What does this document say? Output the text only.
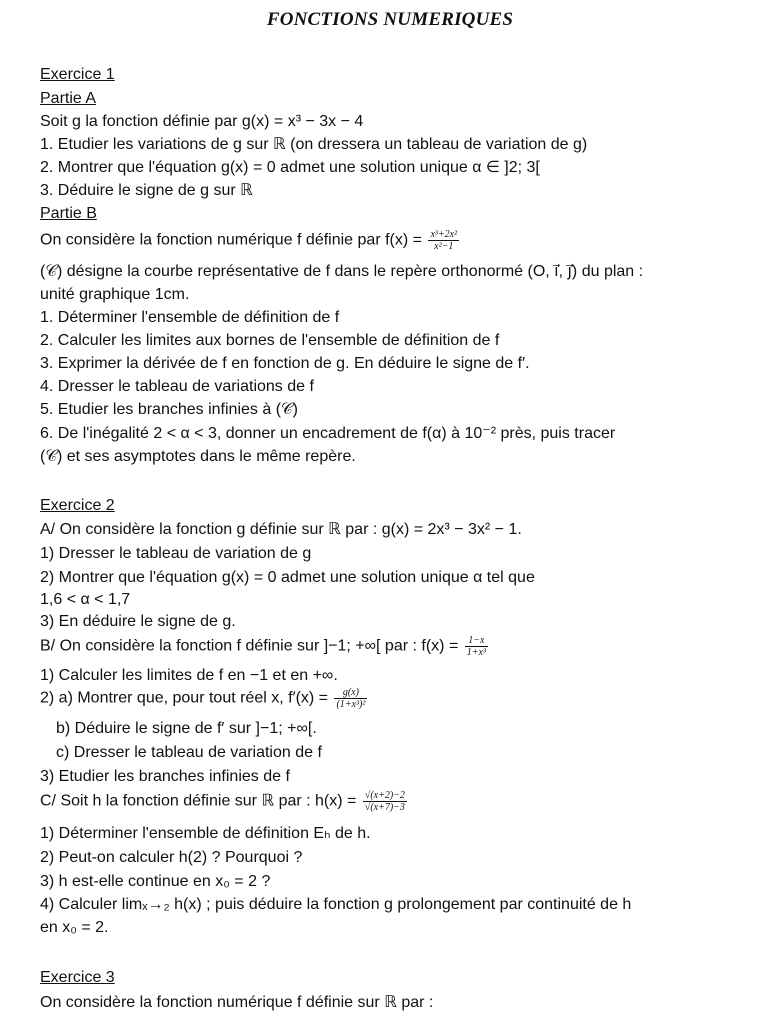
FONCTIONS NUMERIQUES
Exercice 1
Partie A
Soit g la fonction définie par g(x) = x³ − 3x − 4
1. Etudier les variations de g sur ℝ (on dressera un tableau de variation de g)
2. Montrer que l'équation g(x) = 0 admet une solution unique α ∈ ]2; 3[
3. Déduire le signe de g sur ℝ
Partie B
On considère la fonction numérique f définie par $f(x) = \frac{\text{x³+2x²}}{\text{x²−1}}$
(𝒞) désigne la courbe représentative de f dans le repère orthonormé (O, i⃗, j⃗) du plan :
unité graphique 1cm.
1. Déterminer l'ensemble de définition de f
2. Calculer les limites aux bornes de l'ensemble de définition de f
3. Exprimer la dérivée de f en fonction de g. En déduire le signe de f′.
4. Dresser le tableau de variations de f
5. Etudier les branches infinies à (𝒞)
6. De l'inégalité 2 < α < 3, donner un encadrement de f(α) à 10⁻² près, puis tracer
(𝒞) et ses asymptotes dans le même repère.
Exercice 2
A/ On considère la fonction g définie sur ℝ par : g(x) = 2x³ − 3x² − 1.
1) Dresser le tableau de variation de g
2) Montrer que l'équation g(x) = 0 admet une solution unique α tel que
1,6 < α < 1,7
3) En déduire le signe de g.
B/ On considère la fonction f définie sur ]−1; +∞[ par : $f(x) = \frac{1-x}{\text{1+x³}}$
1) Calculer les limites de f en −1 et en +∞.
2) a) Montrer que, pour tout réel x, $f'(x) = \frac{g(x)}{\text{(1+x³)²}}$
b) Déduire le signe de f′ sur ]−1; +∞[.
c) Dresser le tableau de variation de f
3) Etudier les branches infinies de f
C/ Soit h la fonction définie sur ℝ par : $h(x) = \frac{√(x+2)-2}{√(x+7)-3}$
1) Déterminer l'ensemble de définition Eₕ de h.
2) Peut-on calculer h(2) ? Pourquoi ?
3) h est-elle continue en x₀ = 2 ?
4) Calculer limₓ→₂ h(x) ; puis déduire la fonction g prolongement par continuité de h
en x₀ = 2.
Exercice 3
On considère la fonction numérique f définie sur ℝ par :
